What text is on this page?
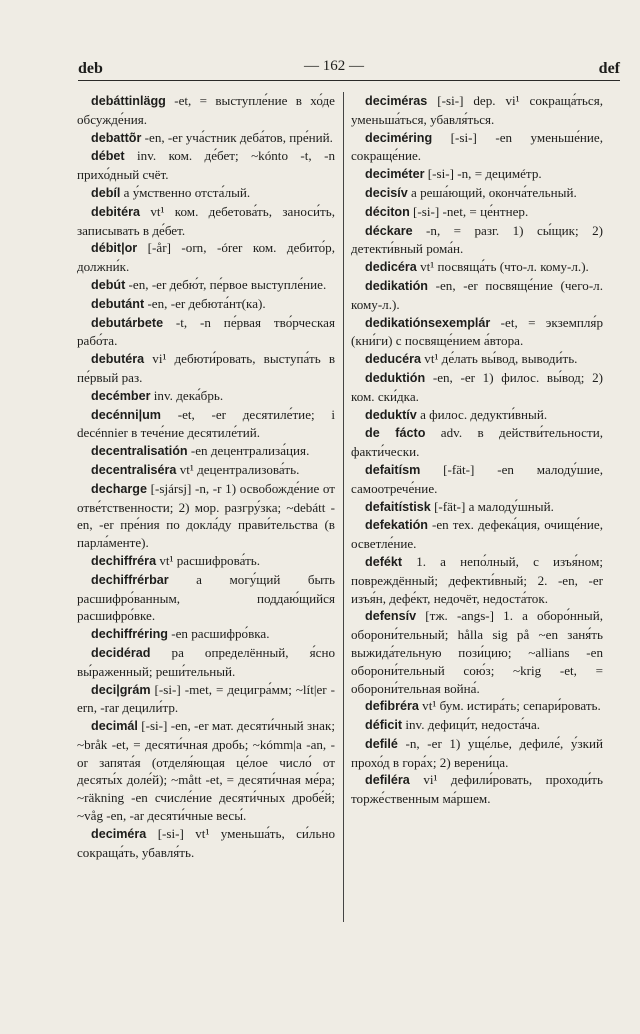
deb	— 162 —	def

debáttinlägg -et, = выступле́ние в хо́де обсужде́ния.

debattö̃r -en, -er уча́стник деба́тов, пре́ний.

débet inv. ком. де́бет; ~kónto -t, -n прихо́дный счёт.

debíl a у́мственно отста́лый.

debitéra vt¹ ком. дебетова́ть, заноси́ть, записывать в де́бет.

débit|or [-år] -orn, -órer ком. дебито́р, должни́к.

debút -en, -er дебю́т, пе́рвое выступле́ние.

debutánt -en, -er дебюта́нт(ка).

debutárbete -t, -n пе́рвая тво́рческая рабо́та.

debutéra vi¹ дебюти́ровать, выступа́ть в пе́рвый раз.

decémber inv. дека́брь.

decénni|um -et, -er десятиле́тие; i decénnier в тече́ние десятиле́тий.

decentralisatión -en децентрализа́ция.

decentraliséra vt¹ децентрализова́ть.

decharge [-sjársj] -n, -r 1) освобожде́ние от отве́тственности; 2) мор. разгру́зка; ~debátt -en, -er пре́ния по докла́ду прави́тельства (в парла́менте).

dechiffréra vt¹ расшифрова́ть.

dechiffrérbar a могу́щий быть расшифро́ванным, поддаю́щийся расшифро́вке.

dechiffréring -en расшифро́вка.

decidérad pa определённый, я́сно вы́раженный; реши́тельный.

deci|grám [-si-] -met, = децигра́мм; ~lít|er -ern, -rar децили́тр.

decimál [-si-] -en, -er мат. десяти́чный знак; ~bråk -et, = десяти́чная дробь; ~kómm|a -an, -or запята́я (отделя́ющая це́лое число́ от десяты́х доле́й); ~mått -et, = десяти́чная ме́ра; ~räkning -en счисле́ние десяти́чных дробе́й; ~våg -en, -ar десяти́чные весы́.

deciméra [-si-] vt¹ уменьша́ть, си́льно сокраща́ть, убавля́ть.

deciméras [-si-] dep. vi¹ сокраща́ться, уменьша́ться, убавля́ться.

deciméring [-si-] -en уменьше́ние, сокраще́ние.

deciméter [-si-] -n, = децимéтр.

decisív a реша́ющий, оконча́тельный.

déciton [-si-] -net, = це́нтнер.

déckare -n, = разг. 1) сы́щик; 2) детекти́вный рома́н.

dedicéra vt¹ посвяща́ть (что-л. кому-л.).

dedikatión -en, -er посвяще́ние (чего-л. кому-л.).

dedikatiónsexemplár -et, = экземпля́р (кни́ги) с посвяще́нием а́втора.

deducéra vt¹ де́лать вы́вод, выводи́ть.

deduktión -en, -er 1) филос. вы́вод; 2) ком. ски́дка.

deduktív a филос. дедукти́вный.

de fácto adv. в действи́тельности, факти́чески.

defaitísm [-fät-] -en малоду́шие, самоотрече́ние.

defaitístisk [-fät-] a малоду́шный.

defekatión -en тех. дефека́ция, очище́ние, осветле́ние.

defékt 1. a непо́лный, с изъя́ном; повреждённый; дефекти́вный; 2. -en, -er изъя́н, дефе́кт, недочёт, недоста́ток.

defensív [тж. -angs-] 1. a оборо́нный, оборони́тельный; hålla sig på ~en заня́ть выжида́тельную пози́цию; ~allians -en оборони́тельный сою́з; ~krig -et, = оборони́тельная война́.

defibréra vt¹ бум. истира́ть; сепари́ровать.

déficit inv. дефици́т, недоста́ча.

defilé -n, -er 1) уще́лье, дефиле́, у́зкий прохо́д в гора́х; 2) верени́ца.

defiléra vi¹ дефили́ровать, проходи́ть торже́ственным ма́ршем.
